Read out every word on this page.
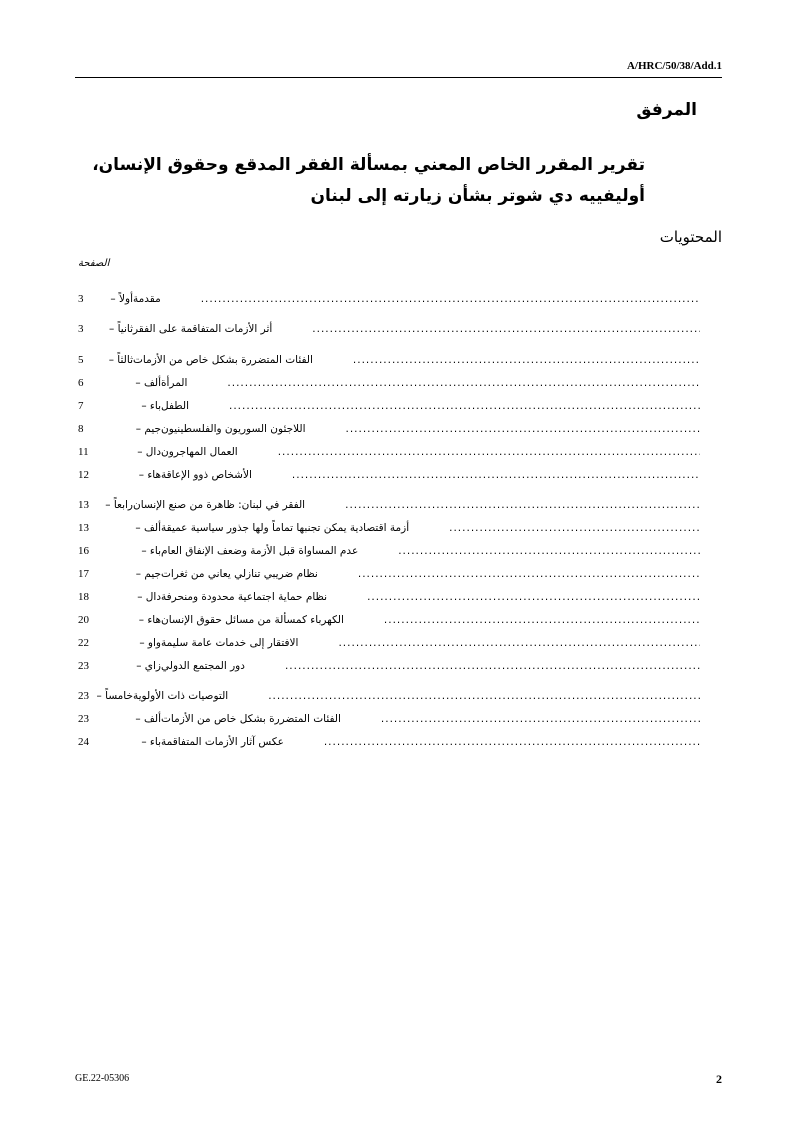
A/HRC/50/38/Add.1
المرفق
تقرير المقرر الخاص المعني بمسألة الفقر المدقع وحقوق الإنسان، أوليفييه دي شوتر بشأن زيارته إلى لبنان
المحتويات
الصفحة
أولاً – مقدمة
.....
3
ثانياً – أثر الأزمات المتفاقمة على الفقر
.....
3
ثالثاً – الفئات المتضررة بشكل خاص من الأزمات
.....
5
ألف – المرأة
.....
6
باء – الطفل
.....
7
جيم – اللاجئون السوريون والفلسطينيون
.....
8
دال – العمال المهاجرون
.....
11
هاء – الأشخاص ذوو الإعاقة
.....
12
رابعاً – الفقر في لبنان: ظاهرة من صنع الإنسان
.....
13
ألف – أزمة اقتصادية يمكن تجنبها تماماً ولها جذور سياسية عميقة
.....
13
باء – عدم المساواة قبل الأزمة وضعف الإنفاق العام
.....
16
جيم – نظام ضريبي تنازلي يعاني من ثغرات
.....
17
دال – نظام حماية اجتماعية محدودة ومنحرفة
.....
18
هاء – الكهرباء كمسألة من مسائل حقوق الإنسان
.....
20
واو – الافتقار إلى خدمات عامة سليمة
.....
22
زاي – دور المجتمع الدولي
.....
23
خامساً – التوصيات ذات الأولوية
.....
23
ألف – الفئات المتضررة بشكل خاص من الأزمات
.....
23
باء – عكس آثار الأزمات المتفاقمة
.....
24
GE.22-05306	2
